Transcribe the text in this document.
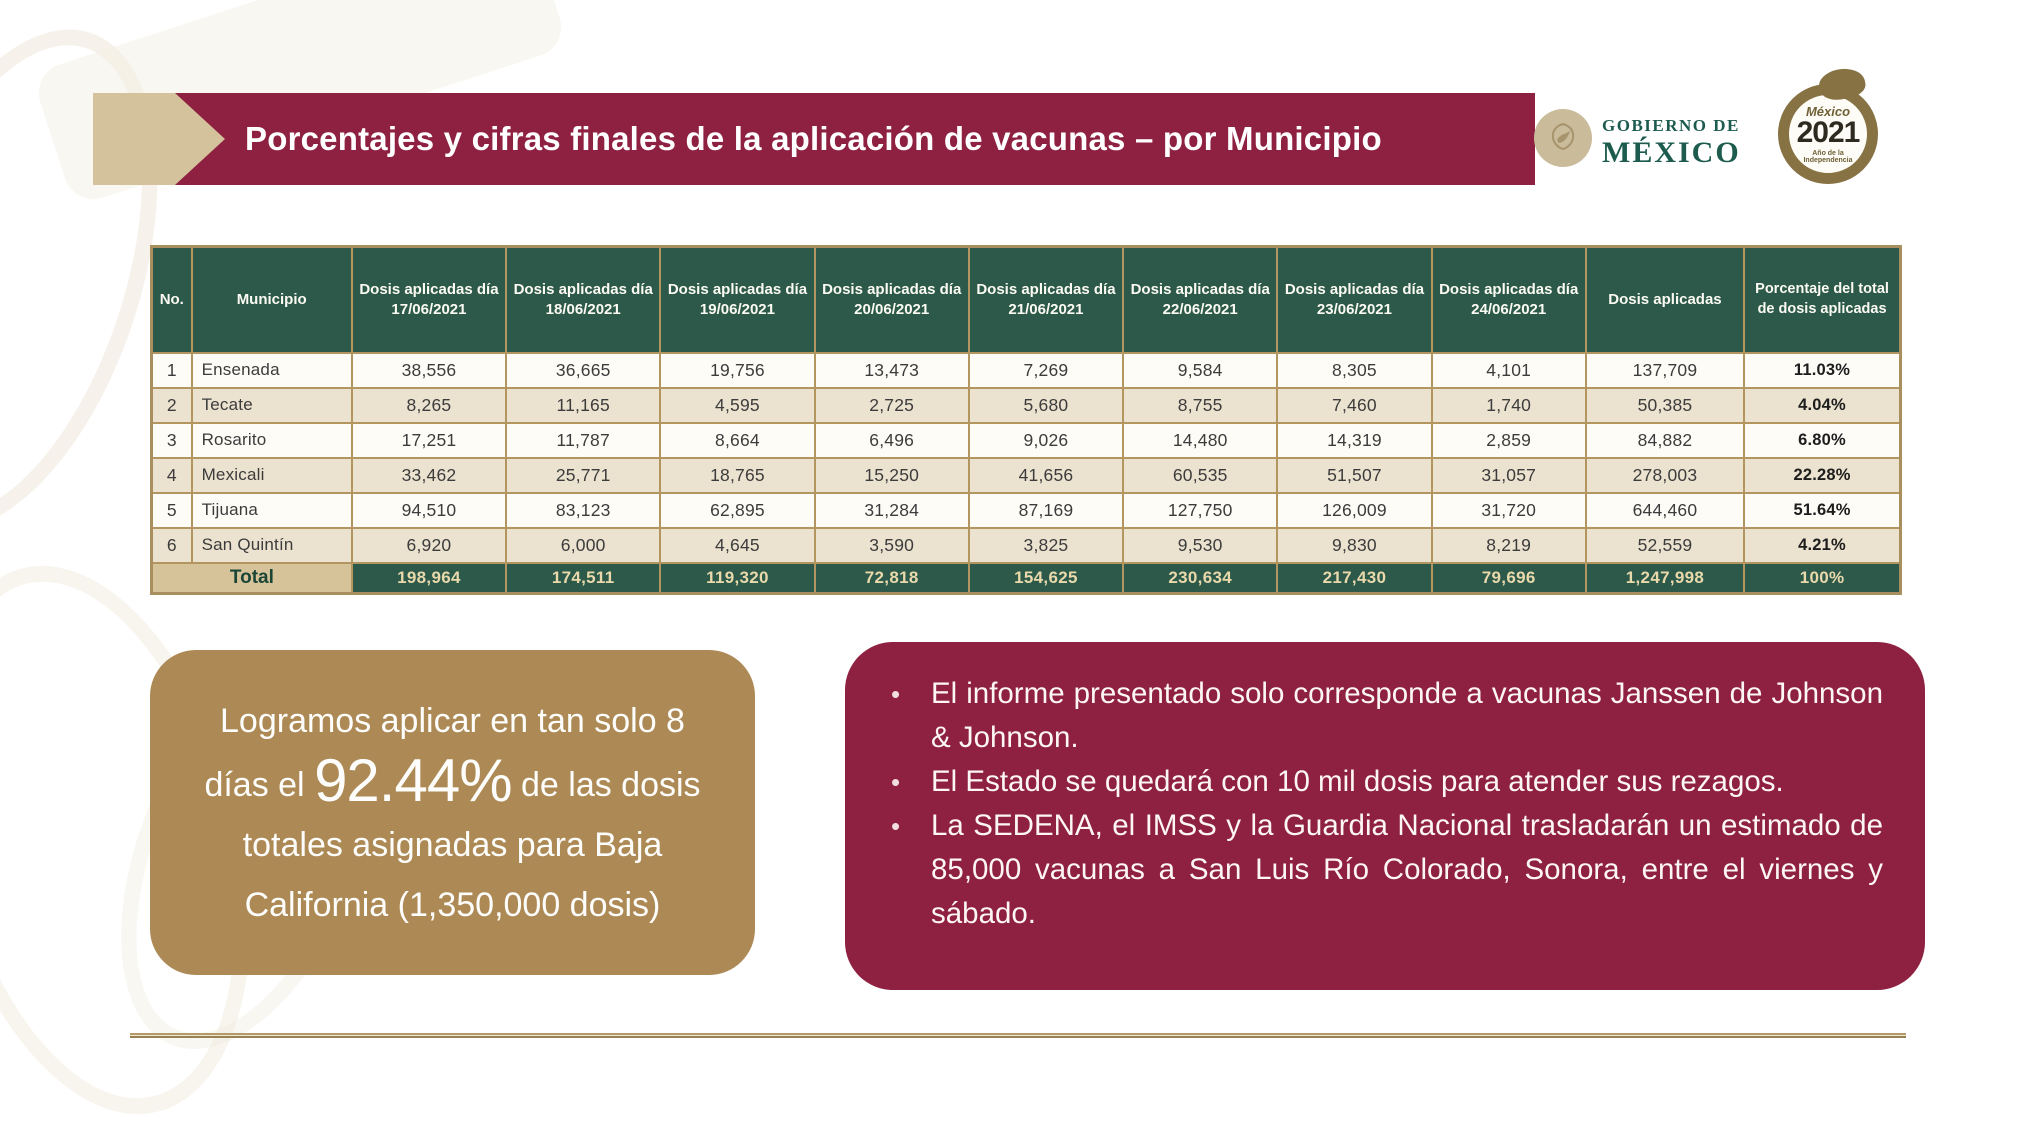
Porcentajes y cifras finales de la aplicación de vacunas – por Municipio	GOBIERNO DE
MÉXICO
México
2021
Año de la Independencia
No.	Municipio	Dosis aplicadas día 17/06/2021	Dosis aplicadas día 18/06/2021	Dosis aplicadas día 19/06/2021	Dosis aplicadas día 20/06/2021	Dosis aplicadas día 21/06/2021	Dosis aplicadas día 22/06/2021	Dosis aplicadas día 23/06/2021	Dosis aplicadas día 24/06/2021	Dosis aplicadas	Porcentaje del total de dosis aplicadas
1	Ensenada	38,556	36,665	19,756	13,473	7,269	9,584	8,305	4,101	137,709	11.03%
2	Tecate	8,265	11,165	4,595	2,725	5,680	8,755	7,460	1,740	50,385	4.04%
3	Rosarito	17,251	11,787	8,664	6,496	9,026	14,480	14,319	2,859	84,882	6.80%
4	Mexicali	33,462	25,771	18,765	15,250	41,656	60,535	51,507	31,057	278,003	22.28%
5	Tijuana	94,510	83,123	62,895	31,284	87,169	127,750	126,009	31,720	644,460	51.64%
6	San Quintín	6,920	6,000	4,645	3,590	3,825	9,530	9,830	8,219	52,559	4.21%
Total		198,964	174,511	119,320	72,818	154,625	230,634	217,430	79,696	1,247,998	100%
Logramos aplicar en tan solo 8 días el 92.44% de las dosis totales asignadas para Baja California (1,350,000 dosis)
• El informe presentado solo corresponde a vacunas Janssen de Johnson & Johnson.
• El Estado se quedará con 10 mil dosis para atender sus rezagos.
• La SEDENA, el IMSS y la Guardia Nacional trasladarán un estimado de 85,000 vacunas a San Luis Río Colorado, Sonora, entre el viernes y sábado.
